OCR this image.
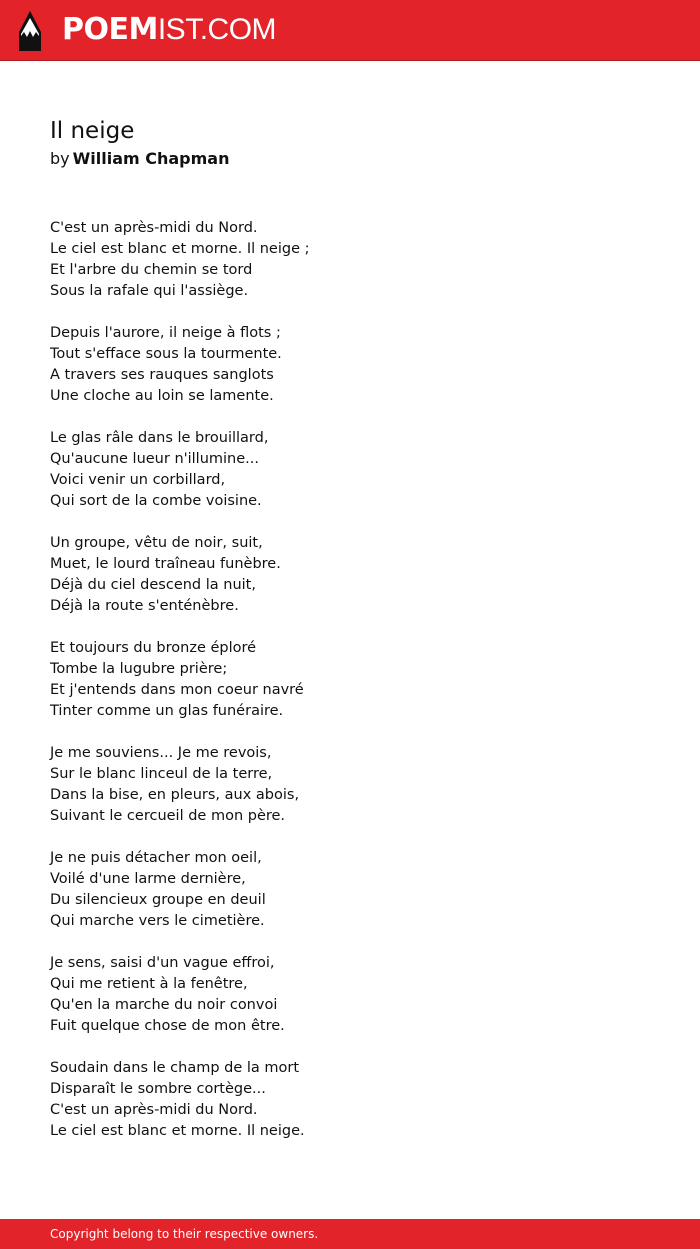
POEMIST.COM
Il neige
by William Chapman
C'est un après-midi du Nord.
Le ciel est blanc et morne. Il neige ;
Et l'arbre du chemin se tord
Sous la rafale qui l'assiège.
Depuis l'aurore, il neige à flots ;
Tout s'efface sous la tourmente.
A travers ses rauques sanglots
Une cloche au loin se lamente.
Le glas râle dans le brouillard,
Qu'aucune lueur n'illumine...
Voici venir un corbillard,
Qui sort de la combe voisine.
Un groupe, vêtu de noir, suit,
Muet, le lourd traîneau funèbre.
Déjà du ciel descend la nuit,
Déjà la route s'enténèbre.
Et toujours du bronze éploré
Tombe la lugubre prière;
Et j'entends dans mon coeur navré
Tinter comme un glas funéraire.
Je me souviens... Je me revois,
Sur le blanc linceul de la terre,
Dans la bise, en pleurs, aux abois,
Suivant le cercueil de mon père.
Je ne puis détacher mon oeil,
Voilé d'une larme dernière,
Du silencieux groupe en deuil
Qui marche vers le cimetière.
Je sens, saisi d'un vague effroi,
Qui me retient à la fenêtre,
Qu'en la marche du noir convoi
Fuit quelque chose de mon être.
Soudain dans le champ de la mort
Disparaît le sombre cortège...
C'est un après-midi du Nord.
Le ciel est blanc et morne. Il neige.
Copyright belong to their respective owners.
